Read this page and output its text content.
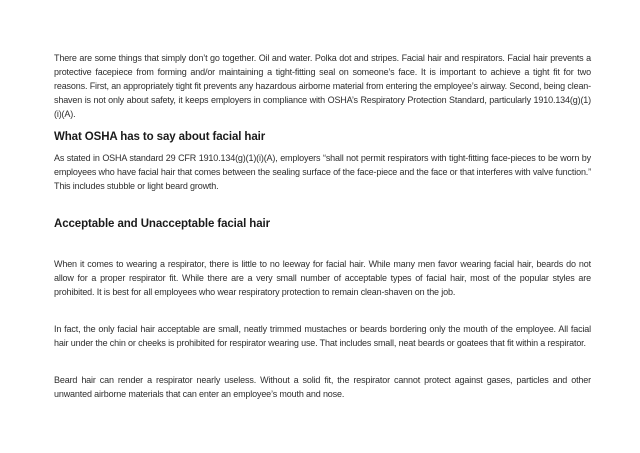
There are some things that simply don’t go together. Oil and water. Polka dot and stripes. Facial hair and respirators. Facial hair prevents a protective facepiece from forming and/or maintaining a tight-fitting seal on someone’s face. It is important to achieve a tight fit for two reasons. First, an appropriately tight fit prevents any hazardous airborne material from entering the employee’s airway. Second, being clean-shaven is not only about safety, it keeps employers in compliance with OSHA’s Respiratory Protection Standard, particularly 1910.134(g)(1)(i)(A).

What OSHA has to say about facial hair

As stated in OSHA standard 29 CFR 1910.134(g)(1)(i)(A), employers “shall not permit respirators with tight-fitting face-pieces to be worn by employees who have facial hair that comes between the sealing surface of the face-piece and the face or that interferes with valve function.” This includes stubble or light beard growth.

Acceptable and Unacceptable facial hair

When it comes to wearing a respirator, there is little to no leeway for facial hair. While many men favor wearing facial hair, beards do not allow for a proper respirator fit. While there are a very small number of acceptable types of facial hair, most of the popular styles are prohibited. It is best for all employees who wear respiratory protection to remain clean-shaven on the job.

In fact, the only facial hair acceptable are small, neatly trimmed mustaches or beards bordering only the mouth of the employee. All facial hair under the chin or cheeks is prohibited for respirator wearing use. That includes small, neat beards or goatees that fit within a respirator.

Beard hair can render a respirator nearly useless. Without a solid fit, the respirator cannot protect against gases, particles and other unwanted airborne materials that can enter an employee’s mouth and nose.
